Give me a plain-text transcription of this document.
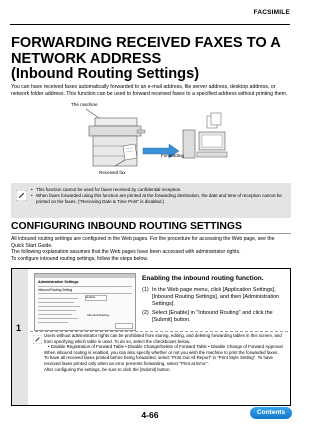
FACSIMILE
FORWARDING RECEIVED FAXES TO A
NETWORK ADDRESS
(Inbound Routing Settings)
You can have received faxes automatically forwarded to an e-mail address, file server address, desktop address, or network folder address. This function can be used to forward received faxes to a specified address without printing them.
The machine
Forwarding
Received fax
• This function cannot be used for faxes received by confidential reception.
• When faxes forwarded using this function are printed at the forwarding destination, the date and time of reception cannot be printed on the faxes. ("Receiving Date & Time Print" is disabled.)
CONFIGURING INBOUND ROUTING SETTINGS
All inbound routing settings are configured in the Web pages. For the procedure for accessing the Web page, see the
Quick Start Guide.
The following explanation assumes that the Web pages have been accessed with administrator rights.
To configure inbound routing settings, follow the steps below.
1
Administration Settings
Inbound Routing Setting
Enable
Inbound Routing
Enabling the inbound routing function.
(1) In the Web page menu, click [Application Settings], [Inbound Routing Settings], and then [Administration Settings].
(2) Select [Enable] in "Inbound Routing" and click the [Submit] button.

Users without administrator rights can be prohibited from storing, editing, and deleting forwarding tables in this screen, and from specifying which table is used. To do so, select the checkboxes below.

• Disable Registration of Forward Table • Disable Change/Delete of Forward Table • Disable Change of Forward Approval

When inbound routing is enabled, you can also specify whether or not you wish the machine to print the forwarded faxes.

To have all received faxes printed before being forwarded, select "Print Out All Report" in "Print Style Setting". To have received faxes printed only when an error prevents forwarding, select "Print at Error".

After configuring the settings, be sure to click the [Submit] button.

4-66	Contents
